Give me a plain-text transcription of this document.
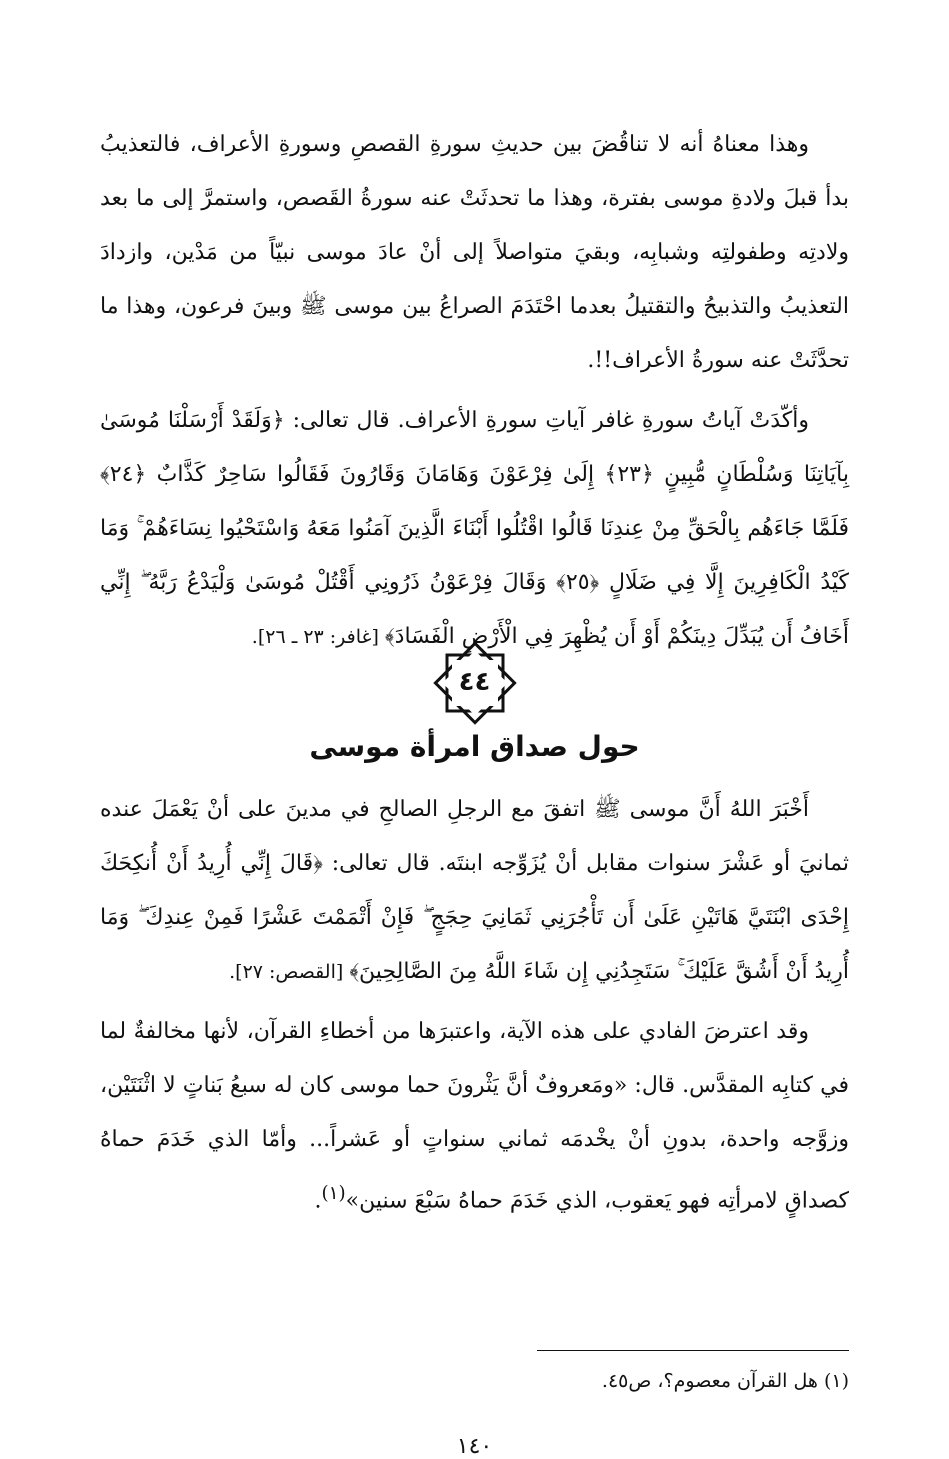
وهذا معناهُ أنه لا تناقُضَ بين حديثِ سورةِ القصصِ وسورةِ الأعراف، فالتعذيبُ بدأ قبلَ ولادةِ موسى بفترة، وهذا ما تحدثَتْ عنه سورةُ القَصص، واستمرَّ إلى ما بعد ولادتِه وطفولتِه وشبابِه، وبقيَ متواصلاً إلى أنْ عادَ موسى نبيّاً من مَدْين، وازدادَ التعذيبُ والتذبيحُ والتقتيلُ بعدما احْتَدَمَ الصراعُ بين موسى ﷺ وبينَ فرعون، وهذا ما تحدَّثَتْ عنه سورةُ الأعراف!!.

وأكّدَتْ آياتُ سورةِ غافر آياتِ سورةِ الأعراف. قال تعالى: ﴿وَلَقَدْ أَرْسَلْنَا مُوسَىٰ بِآيَاتِنَا وَسُلْطَانٍ مُّبِينٍ ﴿٢٣﴾ إِلَىٰ فِرْعَوْنَ وَهَامَانَ وَقَارُونَ فَقَالُوا سَاحِرٌ كَذَّابٌ ﴿٢٤﴾ فَلَمَّا جَاءَهُم بِالْحَقِّ مِنْ عِندِنَا قَالُوا اقْتُلُوا أَبْنَاءَ الَّذِينَ آمَنُوا مَعَهُ وَاسْتَحْيُوا نِسَاءَهُمْ ۚ وَمَا كَيْدُ الْكَافِرِينَ إِلَّا فِي ضَلَالٍ ﴿٢٥﴾ وَقَالَ فِرْعَوْنُ ذَرُونِي أَقْتُلْ مُوسَىٰ وَلْيَدْعُ رَبَّهُ ۖ إِنِّي أَخَافُ أَن يُبَدِّلَ دِينَكُمْ أَوْ أَن يُظْهِرَ فِي الْأَرْضِ الْفَسَادَ﴾ [غافر: ٢٣ ـ ٢٦].

٤٤
حول صداق امرأة موسى

أَخْبَرَ اللهُ أَنَّ موسى ﷺ اتفقَ مع الرجلِ الصالحِ في مدينَ على أنْ يَعْمَلَ عنده ثمانيَ أو عَشْرَ سنوات مقابل أنْ يُزَوِّجه ابنتَه. قال تعالى: ﴿قَالَ إِنِّي أُرِيدُ أَنْ أُنكِحَكَ إِحْدَى ابْنَتَيَّ هَاتَيْنِ عَلَىٰ أَن تَأْجُرَنِي ثَمَانِيَ حِجَجٍ ۖ فَإِنْ أَتْمَمْتَ عَشْرًا فَمِنْ عِندِكَ ۖ وَمَا أُرِيدُ أَنْ أَشُقَّ عَلَيْكَ ۚ سَتَجِدُنِي إِن شَاءَ اللَّهُ مِنَ الصَّالِحِينَ﴾ [القصص: ٢٧].

وقد اعترضَ الفادي على هذه الآية، واعتبرَها من أخطاءِ القرآن، لأنها مخالفةٌ لما في كتابِه المقدَّس. قال: «ومَعروفٌ أنَّ يَثْرونَ حما موسى كان له سبعُ بَناتٍ لا اثْنَتَيْن، وزوَّجه واحدة، بدونِ أنْ يخْدمَه ثماني سنواتٍ أو عَشراً... وأمّا الذي خَدَمَ حماهُ كصداقٍ لامرأتِه فهو يَعقوب، الذي خَدَمَ حماهُ سَبْعَ سنين»$^{(١)}$.

(١) هل القرآن معصوم؟، ص٤٥.

١٤٠
